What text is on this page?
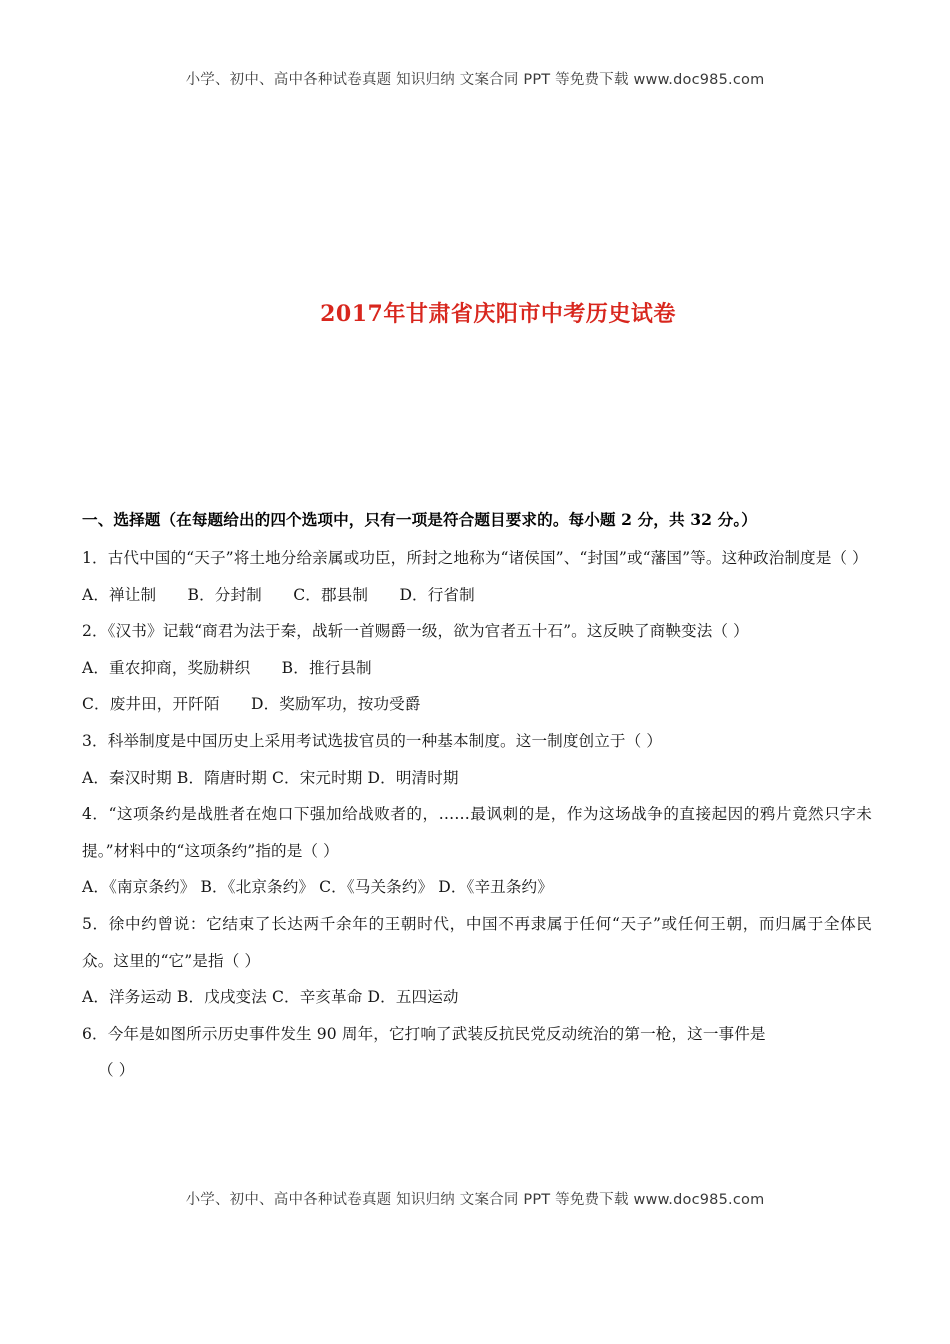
小学、初中、高中各种试卷真题 知识归纳 文案合同 PPT 等免费下载 www.doc985.com
2017年甘肃省庆阳市中考历史试卷
一、选择题（在每题给出的四个选项中，只有一项是符合题目要求的。每小题 2 分，共 32 分。）
1．古代中国的“天子”将土地分给亲属或功臣，所封之地称为“诸侯国”、“封国”或“藩国”等。这种政治制度是（ ）
A．禅让制　　B．分封制　　C．郡县制　　D．行省制
2．《汉书》记载“商君为法于秦，战斩一首赐爵一级，欲为官者五十石”。这反映了商鞅变法（ ）
A．重农抑商，奖励耕织　　B．推行县制
C．废井田，开阡陌　　D．奖励军功，按功受爵
3．科举制度是中国历史上采用考试选拔官员的一种基本制度。这一制度创立于（ ）
A．秦汉时期 B．隋唐时期 C．宋元时期 D．明清时期
4．“这项条约是战胜者在炮口下强加给战败者的，……最讽刺的是，作为这场战争的直接起因的鸦片竟然只字未提。”材料中的“这项条约”指的是（ ）
A．《南京条约》 B．《北京条约》 C．《马关条约》 D．《辛丑条约》
5．徐中约曾说：它结束了长达两千余年的王朝时代，中国不再隶属于任何“天子”或任何王朝，而归属于全体民众。这里的“它”是指（ ）
A．洋务运动 B．戊戌变法 C．辛亥革命 D．五四运动
6．今年是如图所示历史事件发生 90 周年，它打响了武装反抗民党反动统治的第一枪，这一事件是
（ ）
小学、初中、高中各种试卷真题 知识归纳 文案合同 PPT 等免费下载 www.doc985.com
